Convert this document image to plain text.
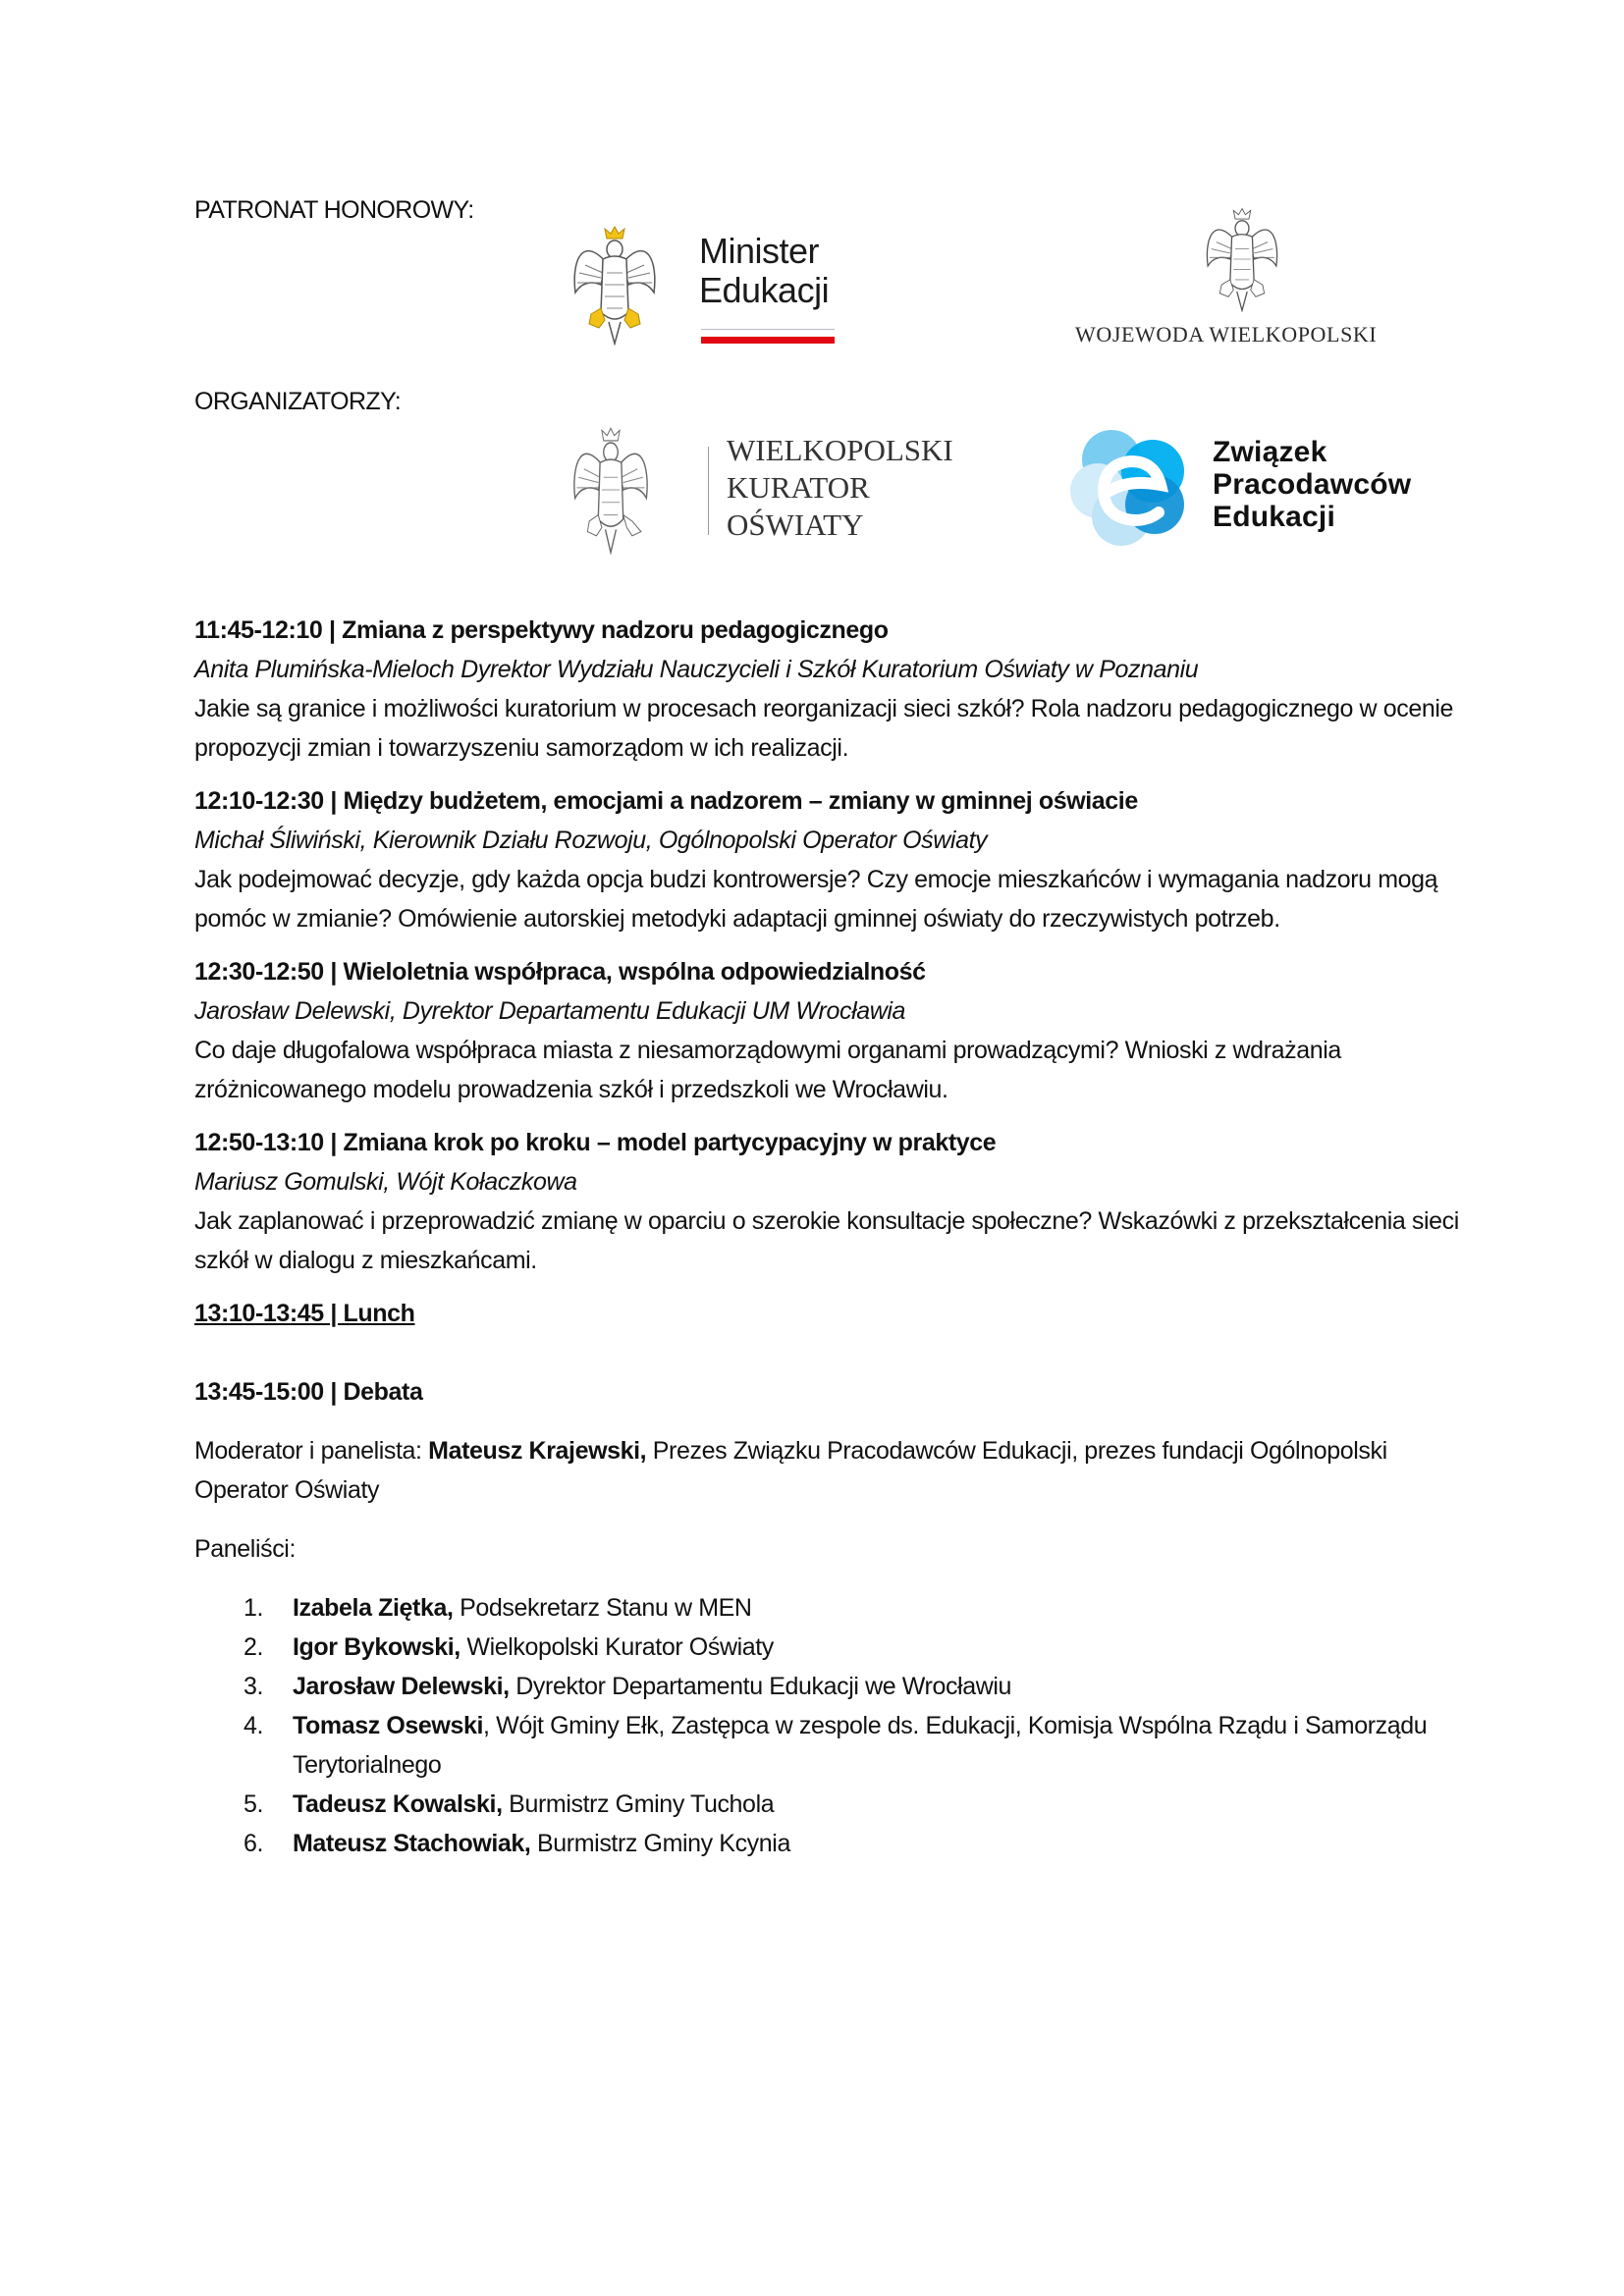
PATRONAT HONOROWY:
ORGANIZATORZY:
Minister
Edukacji
WOJEWODA WIELKOPOLSKI
WIELKOPOLSKI
KURATOR
OŚWIATY
Związek
Pracodawców
Edukacji
11:45-12:10 | Zmiana z perspektywy nadzoru pedagogicznego
Anita Plumińska-Mieloch Dyrektor Wydziału Nauczycieli i Szkół Kuratorium Oświaty w Poznaniu
Jakie są granice i możliwości kuratorium w procesach reorganizacji sieci szkół? Rola nadzoru pedagogicznego w ocenie propozycji zmian i towarzyszeniu samorządom w ich realizacji.
12:10-12:30 | Między budżetem, emocjami a nadzorem – zmiany w gminnej oświacie
Michał Śliwiński, Kierownik Działu Rozwoju, Ogólnopolski Operator Oświaty
Jak podejmować decyzje, gdy każda opcja budzi kontrowersje? Czy emocje mieszkańców i wymagania nadzoru mogą pomóc w zmianie? Omówienie autorskiej metodyki adaptacji gminnej oświaty do rzeczywistych potrzeb.
12:30-12:50 | Wieloletnia współpraca, wspólna odpowiedzialność
Jarosław Delewski, Dyrektor Departamentu Edukacji UM Wrocławia
Co daje długofalowa współpraca miasta z niesamorządowymi organami prowadzącymi? Wnioski z wdrażania zróżnicowanego modelu prowadzenia szkół i przedszkoli we Wrocławiu.
12:50-13:10 | Zmiana krok po kroku – model partycypacyjny w praktyce
Mariusz Gomulski, Wójt Kołaczkowa
Jak zaplanować i przeprowadzić zmianę w oparciu o szerokie konsultacje społeczne? Wskazówki z przekształcenia sieci szkół w dialogu z mieszkańcami.
13:10-13:45 | Lunch
13:45-15:00 | Debata
Moderator i panelista: Mateusz Krajewski, Prezes Związku Pracodawców Edukacji, prezes fundacji Ogólnopolski Operator Oświaty
Paneliści:
1. Izabela Ziętka, Podsekretarz Stanu w MEN
2. Igor Bykowski, Wielkopolski Kurator Oświaty
3. Jarosław Delewski, Dyrektor Departamentu Edukacji we Wrocławiu
4. Tomasz Osewski, Wójt Gminy Ełk, Zastępca w zespole ds. Edukacji, Komisja Wspólna Rządu i Samorządu Terytorialnego
5. Tadeusz Kowalski, Burmistrz Gminy Tuchola
6. Mateusz Stachowiak, Burmistrz Gminy Kcynia
